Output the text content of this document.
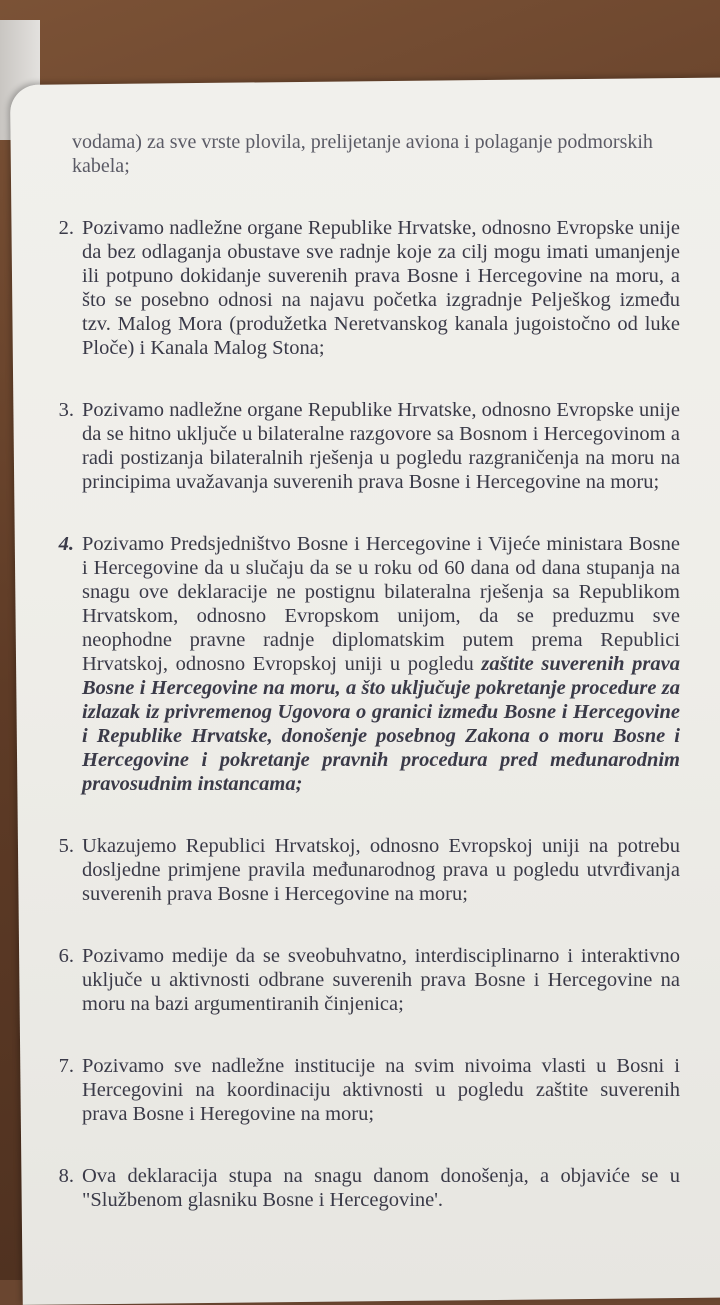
vodama) za sve vrste plovila, prelijetanje aviona i polaganje podmorskih kabela;

2. Pozivamo nadležne organe Republike Hrvatske, odnosno Evropske unije da bez odlaganja obustave sve radnje koje za cilj mogu imati umanjenje ili potpuno dokidanje suverenih prava Bosne i Hercegovine na moru, a što se posebno odnosi na najavu početka izgradnje Pelješkog između tzv. Malog Mora (produžetka Neretvanskog kanala jugoistočno od luke Ploče) i Kanala Malog Stona;
3. Pozivamo nadležne organe Republike Hrvatske, odnosno Evropske unije da se hitno uključe u bilateralne razgovore sa Bosnom i Hercegovinom a radi postizanja bilateralnih rješenja u pogledu razgraničenja na moru na principima uvažavanja suverenih prava Bosne i Hercegovine na moru;
4. Pozivamo Predsjedništvo Bosne i Hercegovine i Vijeće ministara Bosne i Hercegovine da u slučaju da se u roku od 60 dana od dana stupanja na snagu ove deklaracije ne postignu bilateralna rješenja sa Republikom Hrvatskom, odnosno Evropskom unijom, da se preduzmu sve neophodne pravne radnje diplomatskim putem prema Republici Hrvatskoj, odnosno Evropskoj uniji u pogledu zaštite suverenih prava Bosne i Hercegovine na moru, a što uključuje pokretanje procedure za izlazak iz privremenog Ugovora o granici između Bosne i Hercegovine i Republike Hrvatske, donošenje posebnog Zakona o moru Bosne i Hercegovine i pokretanje pravnih procedura pred međunarodnim pravosudnim instancama;
5. Ukazujemo Republici Hrvatskoj, odnosno Evropskoj uniji na potrebu dosljedne primjene pravila međunarodnog prava u pogledu utvrđivanja suverenih prava Bosne i Hercegovine na moru;
6. Pozivamo medije da se sveobuhvatno, interdisciplinarno i interaktivno uključe u aktivnosti odbrane suverenih prava Bosne i Hercegovine na moru na bazi argumentiranih činjenica;
7. Pozivamo sve nadležne institucije na svim nivoima vlasti u Bosni i Hercegovini na koordinaciju aktivnosti u pogledu zaštite suverenih prava Bosne i Heregovine na moru;
8. Ova deklaracija stupa na snagu danom donošenja, a objaviće se u "Službenom glasniku Bosne i Hercegovine'.
